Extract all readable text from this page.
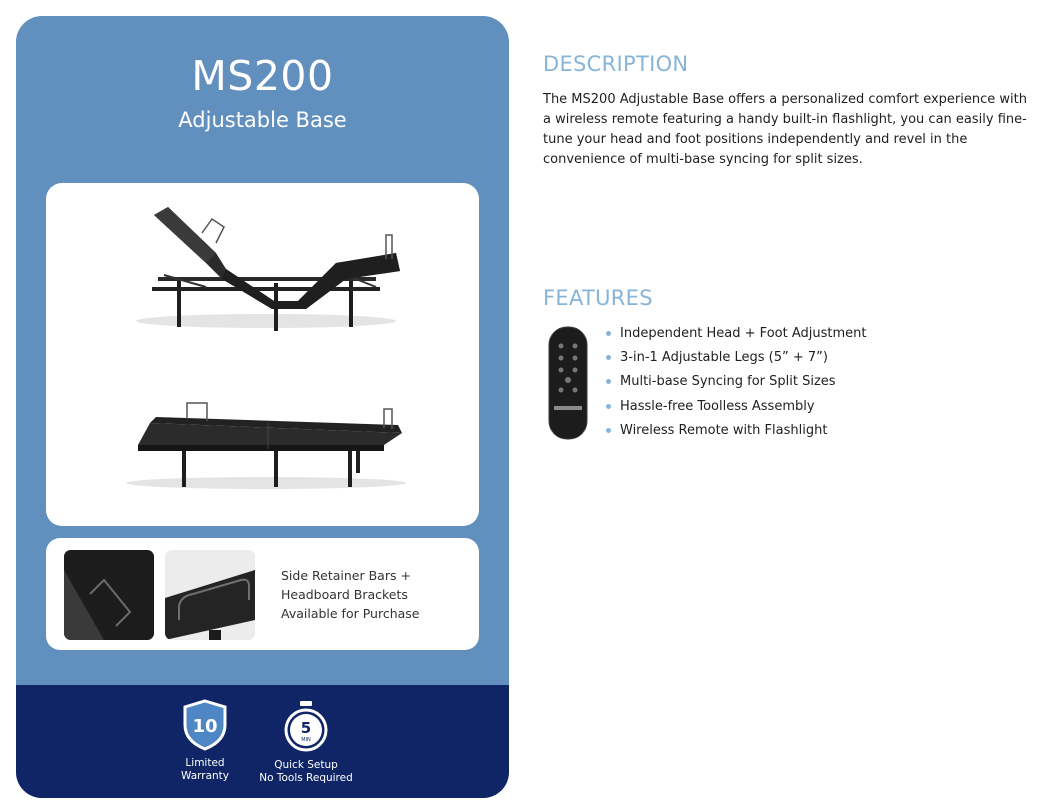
MS200
Adjustable Base
Side Retainer Bars +
Headboard Brackets
Available for Purchase
10
Limited
Warranty
5
MIN
Quick Setup
No Tools Required
DESCRIPTION

The MS200 Adjustable Base offers a personalized comfort experience with a wireless remote featuring a handy built-in flashlight, you can easily fine-tune your head and foot positions independently and revel in the convenience of multi-base syncing for split sizes.

FEATURES
Independent Head + Foot Adjustment
3-in-1 Adjustable Legs (5” + 7”)
Multi-base Syncing for Split Sizes
Hassle-free Toolless Assembly
Wireless Remote with Flashlight
